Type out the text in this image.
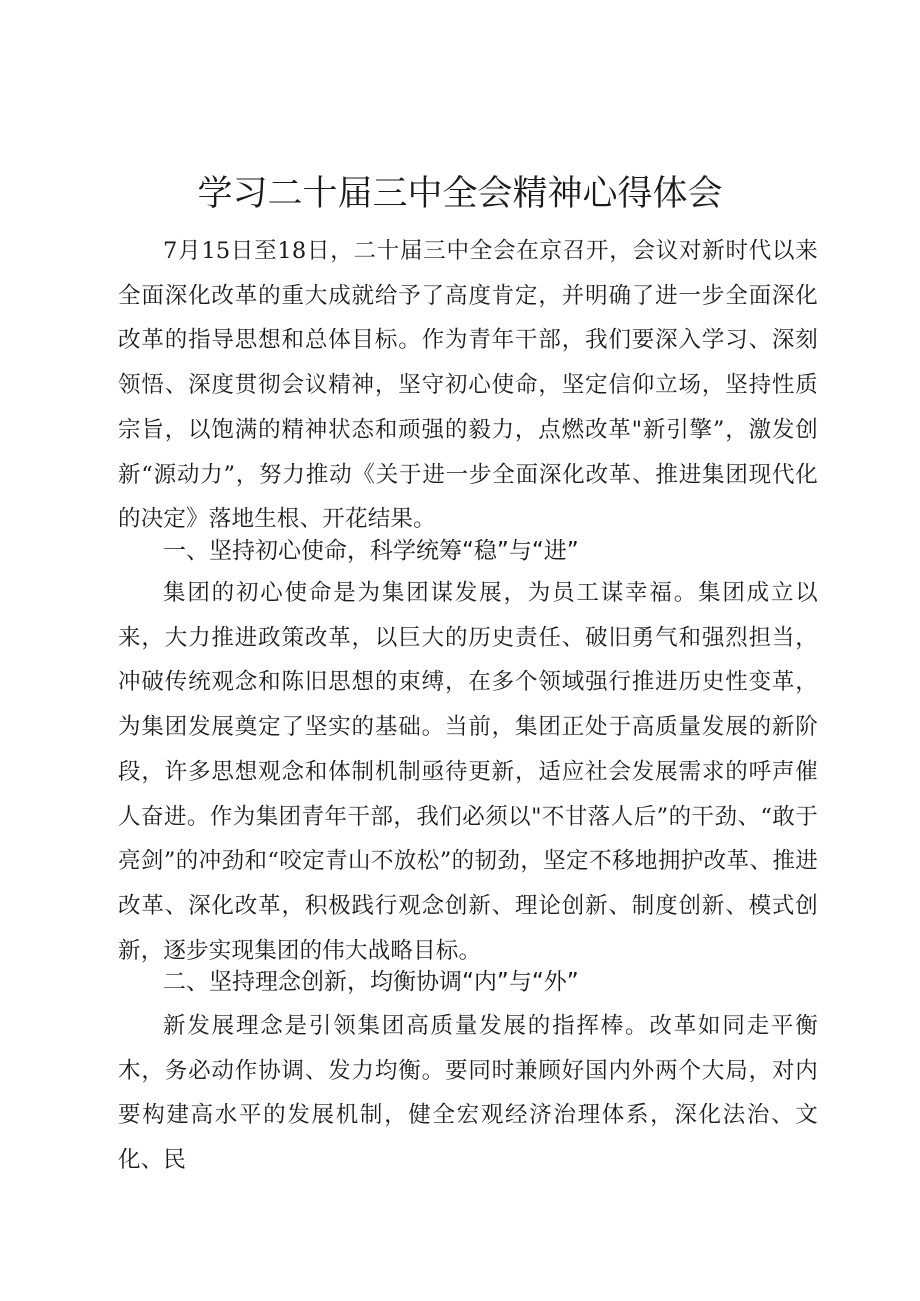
学习二十届三中全会精神心得体会

7月15日至18日，二十届三中全会在京召开，会议对新时代以来全面深化改革的重大成就给予了高度肯定，并明确了进一步全面深化改革的指导思想和总体目标。作为青年干部，我们要深入学习、深刻领悟、深度贯彻会议精神，坚守初心使命，坚定信仰立场，坚持性质宗旨，以饱满的精神状态和顽强的毅力，点燃改革"新引擎”，激发创新“源动力”，努力推动《关于进一步全面深化改革、推进集团现代化的决定》落地生根、开花结果。

一、坚持初心使命，科学统筹“稳”与“进”

集团的初心使命是为集团谋发展，为员工谋幸福。集团成立以来，大力推进政策改革，以巨大的历史责任、破旧勇气和强烈担当，冲破传统观念和陈旧思想的束缚，在多个领域强行推进历史性变革，为集团发展奠定了坚实的基础。当前，集团正处于高质量发展的新阶段，许多思想观念和体制机制亟待更新，适应社会发展需求的呼声催人奋进。作为集团青年干部，我们必须以"不甘落人后”的干劲、“敢于亮剑”的冲劲和“咬定青山不放松”的韧劲，坚定不移地拥护改革、推进改革、深化改革，积极践行观念创新、理论创新、制度创新、模式创新，逐步实现集团的伟大战略目标。

二、坚持理念创新，均衡协调“内”与“外”

新发展理念是引领集团高质量发展的指挥棒。改革如同走平衡木，务必动作协调、发力均衡。要同时兼顾好国内外两个大局，对内要构建高水平的发展机制，健全宏观经济治理体系，深化法治、文化、民
